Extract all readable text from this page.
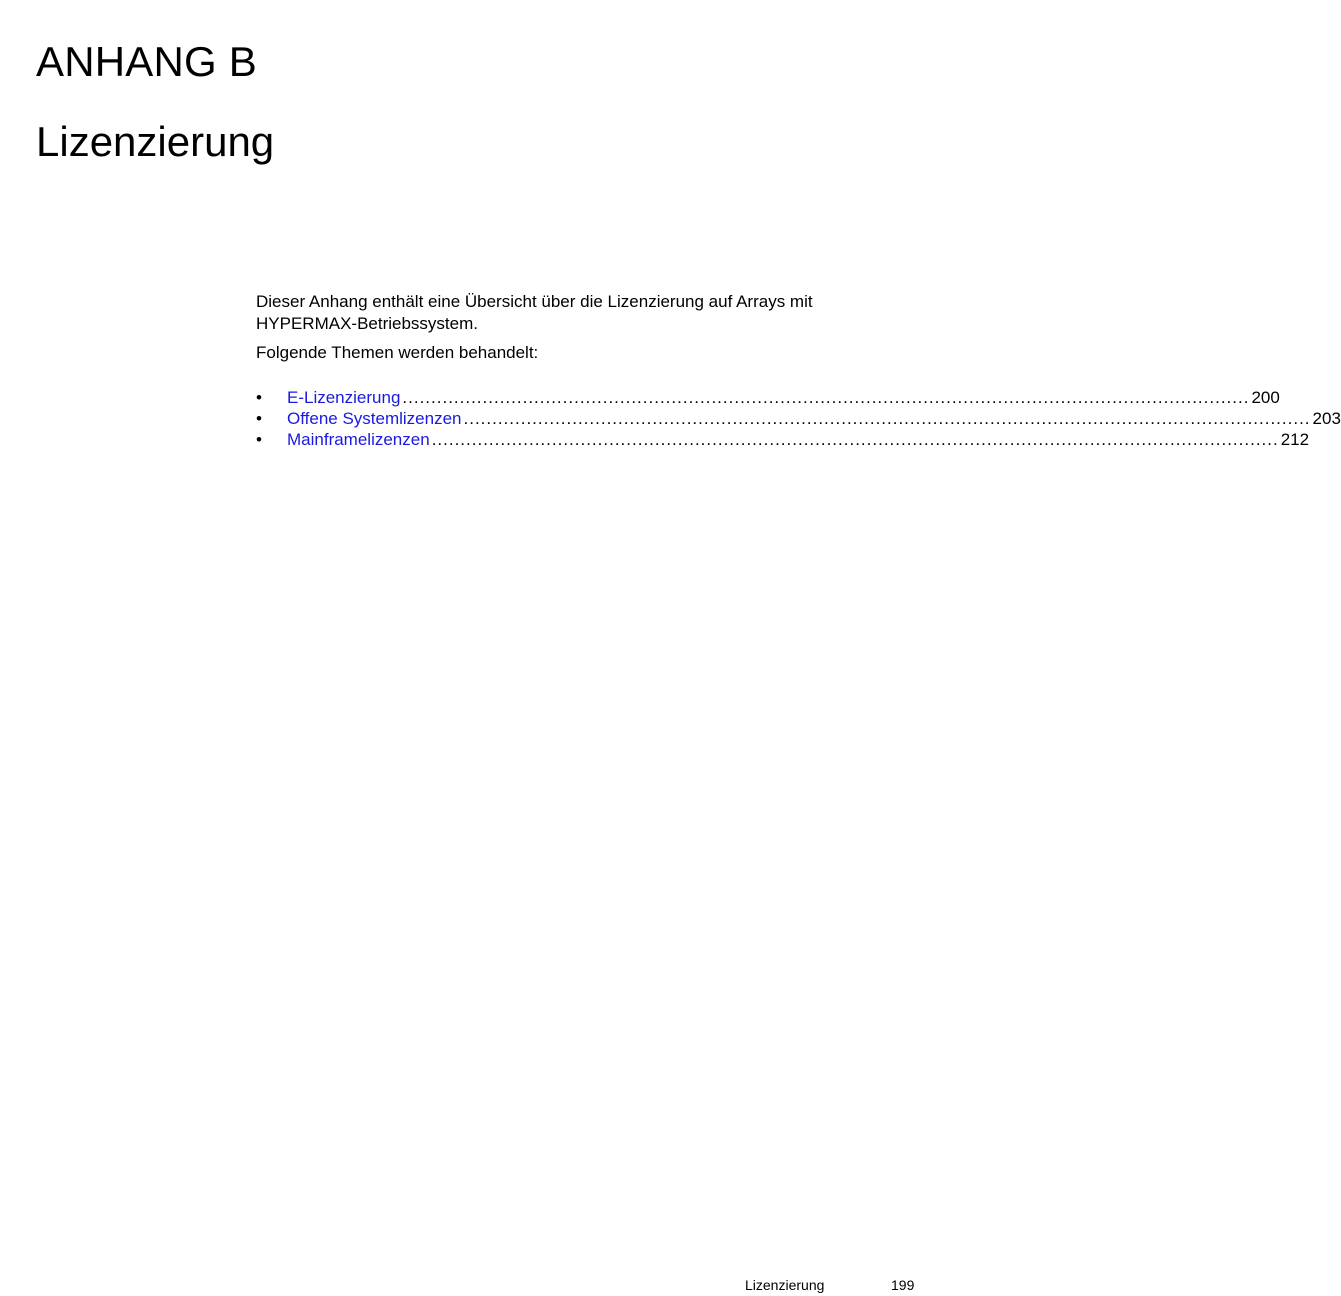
ANHANG B
Lizenzierung

Dieser Anhang enthält eine Übersicht über die Lizenzierung auf Arrays mit HYPERMAX-Betriebssystem.

Folgende Themen werden behandelt:

•	E-Lizenzierung .................................................................................................................................................... 200
•	Offene Systemlizenzen .................................................................................................................................................... 203
•	Mainframelizenzen .................................................................................................................................................... 212
Lizenzierung	199
